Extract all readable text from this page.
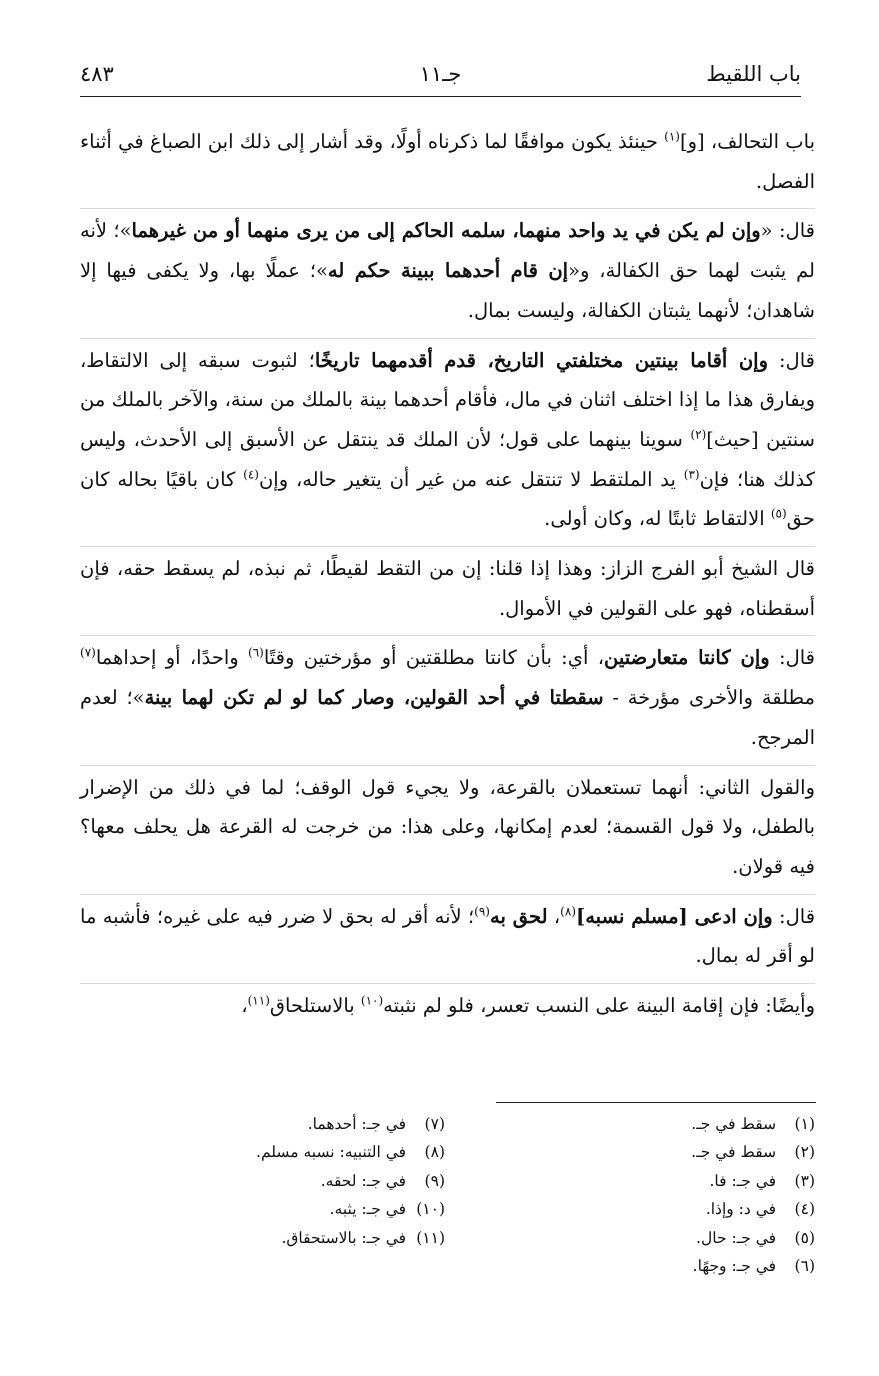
باب اللقيط
جـ١١
٤٨٣

باب التحالف، [و]$^{(١)}$ حينئذ يكون موافقًا لما ذكرناه أولًا، وقد أشار إلى ذلك ابن الصباغ في أثناء الفصل.

قال: «وإن لم يكن في يد واحد منهما، سلمه الحاكم إلى من يرى منهما أو من غيرهما»؛ لأنه لم يثبت لهما حق الكفالة، و«إن قام أحدهما ببينة حكم له»؛ عملًا بها، ولا يكفى فيها إلا شاهدان؛ لأنهما يثبتان الكفالة، وليست بمال.

قال: وإن أقاما بينتين مختلفتي التاريخ، قدم أقدمهما تاريخًا؛ لثبوت سبقه إلى الالتقاط، ويفارق هذا ما إذا اختلف اثنان في مال، فأقام أحدهما بينة بالملك من سنة، والآخر بالملك من سنتين [حيث]$^{(٢)}$ سوينا بينهما على قول؛ لأن الملك قد ينتقل عن الأسبق إلى الأحدث، وليس كذلك هنا؛ فإن$^{(٣)}$ يد الملتقط لا تنتقل عنه من غير أن يتغير حاله، وإن$^{(٤)}$ كان باقيًا بحاله كان حق$^{(٥)}$ الالتقاط ثابتًا له، وكان أولى.

قال الشيخ أبو الفرج الزاز: وهذا إذا قلنا: إن من التقط لقيطًا، ثم نبذه، لم يسقط حقه، فإن أسقطناه، فهو على القولين في الأموال.

قال: وإن كانتا متعارضتين، أي: بأن كانتا مطلقتين أو مؤرختين وقتًا$^{(٦)}$ واحدًا، أو إحداهما$^{(٧)}$ مطلقة والأخرى مؤرخة - سقطتا في أحد القولين، وصار كما لو لم تكن لهما بينة»؛ لعدم المرجح.

والقول الثاني: أنهما تستعملان بالقرعة، ولا يجيء قول الوقف؛ لما في ذلك من الإضرار بالطفل، ولا قول القسمة؛ لعدم إمكانها، وعلى هذا: من خرجت له القرعة هل يحلف معها؟ فيه قولان.

قال: وإن ادعى [مسلم نسبه]$^{(٨)}$، لحق به$^{(٩)}$؛ لأنه أقر له بحق لا ضرر فيه على غيره؛ فأشبه ما لو أقر له بمال.

وأيضًا: فإن إقامة البينة على النسب تعسر، فلو لم نثبته$^{(١٠)}$ بالاستلحاق$^{(١١)}$،

(١) سقط في جـ.
(٢) سقط في جـ.
(٣) في جـ: فا.
(٤) في د: وإذا.
(٥) في جـ: حال.
(٦) في جـ: وجهًا.
(٧) في جـ: أحدهما.
(٨) في التنبيه: نسبه مسلم.
(٩) في جـ: لحقه.
(١٠) في جـ: يثبه.
(١١) في جـ: بالاستحقاق.
